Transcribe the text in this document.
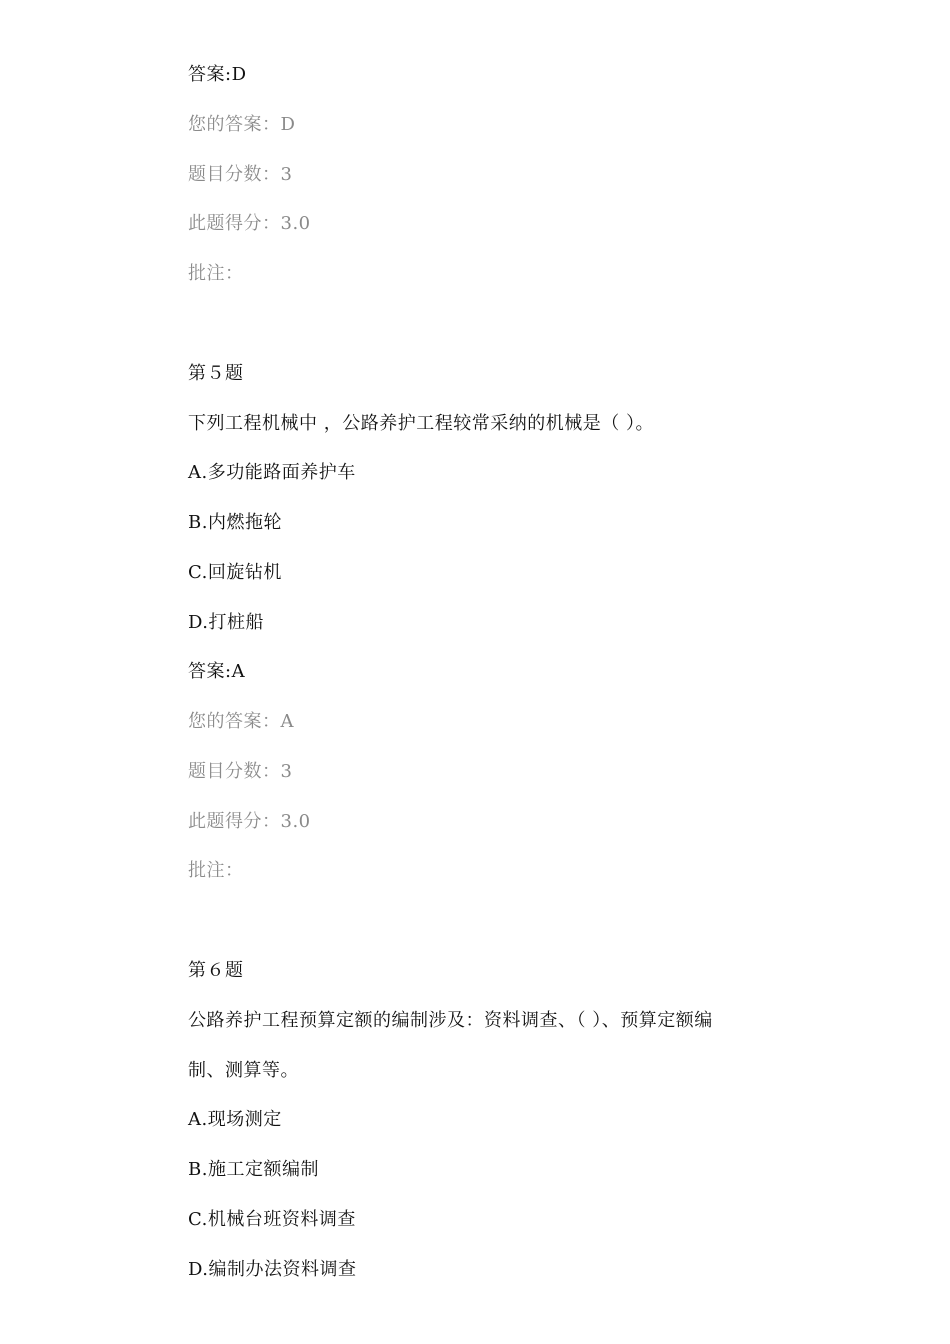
答案:D
您的答案：D
题目分数：3
此题得分：3.0
批注：
第５题
下列工程机械中 ，公路养护工程较常采纳的机械是（ ）。
A.多功能路面养护车
B.内燃拖轮
C.回旋钻机
D.打桩船
答案:A
您的答案：A
题目分数：3
此题得分：3.0
批注：
第６题
公路养护工程预算定额的编制涉及：资料调查、（ ）、预算定额编
制、测算等。
A.现场测定
B.施工定额编制
C.机械台班资料调查
D.编制办法资料调查
